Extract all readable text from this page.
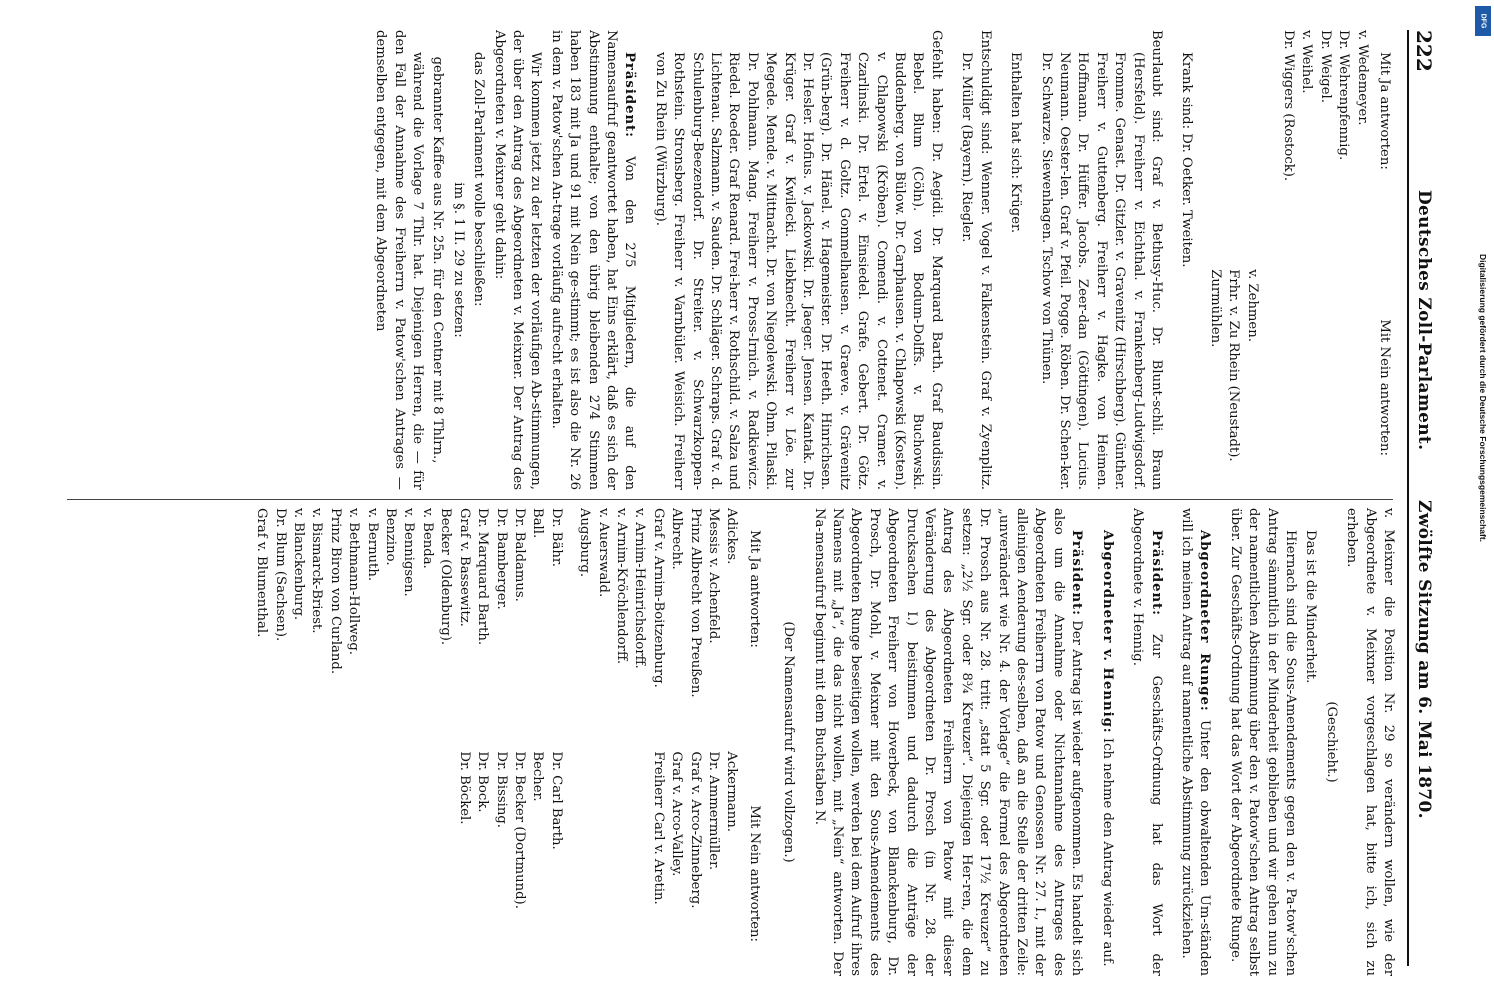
222
Deutsches Zoll-Parlament.
Zwölfte Sitzung am 6. Mai 1870.
Mit Ja antworten:
Mit Nein antworten:
v. Wedemeyer.
Dr. Wehrenpfennig.
Dr. Weigel.
v. Weihel.
Dr. Wiggers (Rostock).
v. Zehmen.
Frhr. v. Zu Rhein (Neustadt).
Zurmühlen.

Krank sind: Dr. Oetker. Tweiten.

Beurlaubt sind: Graf v. Bethusy-Huc. Dr. Blunt-schli. Braun (Hersfeld). Freiherr v. Eichthal. v. Frankenberg-Ludwigsdorf. Fromme. Genast. Dr. Gitzler. v. Gravenitz (Hirschberg). Günther. Freiherr v. Guttenberg. Freiherr v. Hagke. von Heimen. Hoffmann. Dr. Hüffer. Jacobs. Zeer-dan (Göttingen). Lucius. Neumann. Oester-len. Graf v. Pfeil. Pogge. Röben. Dr. Schen-ker. Dr. Schwarze. Siewenhagen. Tschow von Thünen.

Enthalten hat sich: Krüger.

Entschuldigt sind: Wenner. Vogel v. Falkenstein. Graf v. Zyenplitz. Dr. Müller (Bayern). Riegler.

Gefehlt haben: Dr. Aegidi. Dr. Marquard Barth. Graf Baudissin. Bebel. Blum (Cöln). von Bodum-Dolffs. v. Buchowski. Buddenberg. von Bülow. Dr. Carphausen. v. Chlapowski (Kosten). v. Chlapowski (Kröben). Comendi. v. Cottenet. Cramer. v. Czarlinski. Dr. Ertel. v. Einsiedel. Grafe. Gebert. Dr. Götz. Freiherr v. d. Goltz. Gommelhausen. v. Graeve. v. Grävenitz (Grün-berg). Dr. Hänel. v. Hagemeister. Dr. Heeth. Hinrichsen. Dr. Hesler. Hofius. v. Jackowski. Dr. Jaeger. Jensen. Kantak. Dr. Krüger. Graf v. Kwilecki. Liebknecht. Freiherr v. Löe. zur Megede. Mende. v. Mittnacht. Dr. von Niegolewski. Ohm. Pilaski. Dr. Pohlmann. Mang. Freiherr v. Pross-Irnich. v. Radkiewicz. Riedel. Roeder. Graf Renard. Frei-herr v. Rothschild. v. Salza und Lichtenau. Salzmann. v. Sauden. Dr. Schläger. Schraps. Graf v. d. Schulenburg-Beezendorf. Dr. Streiter. v. Schwarzkoppen-Rothstein. Stronsberg. Freiherr v. Varnbüler. Weisich. Freiherr von Zu Rhein (Würzburg).

Präsident: Von den 275 Mitgliedern, die auf den Namensaufruf geantwortet haben, hat Eins erklärt, daß es sich der Abstimmung enthalte; von den übrig bleibenden 274 Stimmen haben 183 mit Ja und 91 mit Nein ge-stimmt; es ist also die Nr. 26 in dem v. Patow'schen An-trage vorläufig aufrecht erhalten.

Wir kommen jetzt zu der letzten der vorläufigen Ab-stimmungen, der über den Antrag des Abgeordneten v. Meixner. Der Antrag des Abgeordneten v. Meixner geht dahin:

das Zoll-Parlament wolle beschließen:

im §. 1 II. 29 zu setzen:

gebrannter Kaffee aus Nr. 25n. für den Centner mit 8 Thlrn.,

während die Vorlage 7 Thlr. hat. Diejenigen Herren, die — für den Fall der Annahme des Freiherrn v. Patow'schen Antrages — demselben entgegen, mit dem Abgeordneten

v. Meixner die Position Nr. 29 so verändern wollen, wie der Abgeordnete v. Meixner vorgeschlagen hat, bitte ich, sich zu erheben.

(Geschieht.)

Das ist die Minderheit.

Hiernach sind die Sous-Amendements gegen den v. Pa-tow'schen Antrag sämmtlich in der Minderheit geblieben und wir gehen nun zu der namentlichen Abstimmung über den v. Patow'schen Antrag selbst über. Zur Geschäfts-Ordnung hat das Wort der Abgeordnete Runge.

Abgeordneter Runge: Unter den obwaltenden Um-ständen will ich meinen Antrag auf namentliche Abstimmung zurückziehen.

Präsident: Zur Geschäfts-Ordnung hat das Wort der Abgeordnete v. Hennig.

Abgeordneter v. Hennig: Ich nehme den Antrag wieder auf.

Präsident: Der Antrag ist wieder aufgenommen. Es handelt sich also um die Annahme oder Nichtannahme des Antrages des Abgeordneten Freiherrn von Patow und Genossen Nr. 27. I., mit der alleinigen Aenderung des-selben, daß an die Stelle der dritten Zeile: „unverändert wie Nr. 4. der Vorlage“ die Formel des Abgeordneten Dr. Prosch aus Nr. 28. tritt: „statt 5 Sgr. oder 17½ Kreuzer“ zu setzen: „2½ Sgr. oder 8¾ Kreuzer“. Diejenigen Her-ren, die dem Antrag des Abgeordneten Freiherrn von Patow mit dieser Veränderung des Abgeordneten Dr. Prosch (in Nr. 28. der Drucksachen I.) beistimmen und dadurch die Anträge der Abgeordneten Freiherr von Hoverbeck, von Blanckenburg, Dr. Prosch, Dr. Mohl, v. Meixner mit den Sous-Amendements des Abgeordneten Runge beseitigen wollen, werden bei dem Aufruf ihres Namens mit „Ja“, die das nicht wollen, mit „Nein“ antworten. Der Na-mensaufruf beginnt mit dem Buchstaben N.

(Der Namensaufruf wird vollzogen.)

Mit Ja antworten:
Mit Nein antworten:
Adickes.
Messis v. Achenfeld.
Prinz Albrecht von Preußen.
Albrecht.
Graf v. Arnim-Boitzenburg.
v. Arnim-Heinrichsdorff.
v. Arnim-Kröchlendorff.
v. Auerswald.
Augsburg.
Ackermann.
Dr. Ammermüller.
Graf v. Arco-Zinneberg.
Graf v. Arco-Valley.
Freiherr Carl v. Aretin.
Dr. Bähr.
Ball.
Dr. Baldamus.
Dr. Bamberger.
Dr. Marquard Barth.
Graf v. Bassewitz.
Becker (Oldenburg).
v. Benda.
v. Bennigsen.
Benzino.
v. Bernuth.
v. Bethmann-Hollweg.
Prinz Biron von Curland.
v. Bismarck-Briest.
v. Blanckenburg.
Dr. Blum (Sachsen).
Graf v. Blumenthal.
Dr. Carl Barth.
Becher.
Dr. Becker (Dortmund).
Dr. Bissing.
Dr. Bock.
Dr. Böckel.
DFG
Digitalisierung gefördert durch die Deutsche Forschungsgemeinschaft.
